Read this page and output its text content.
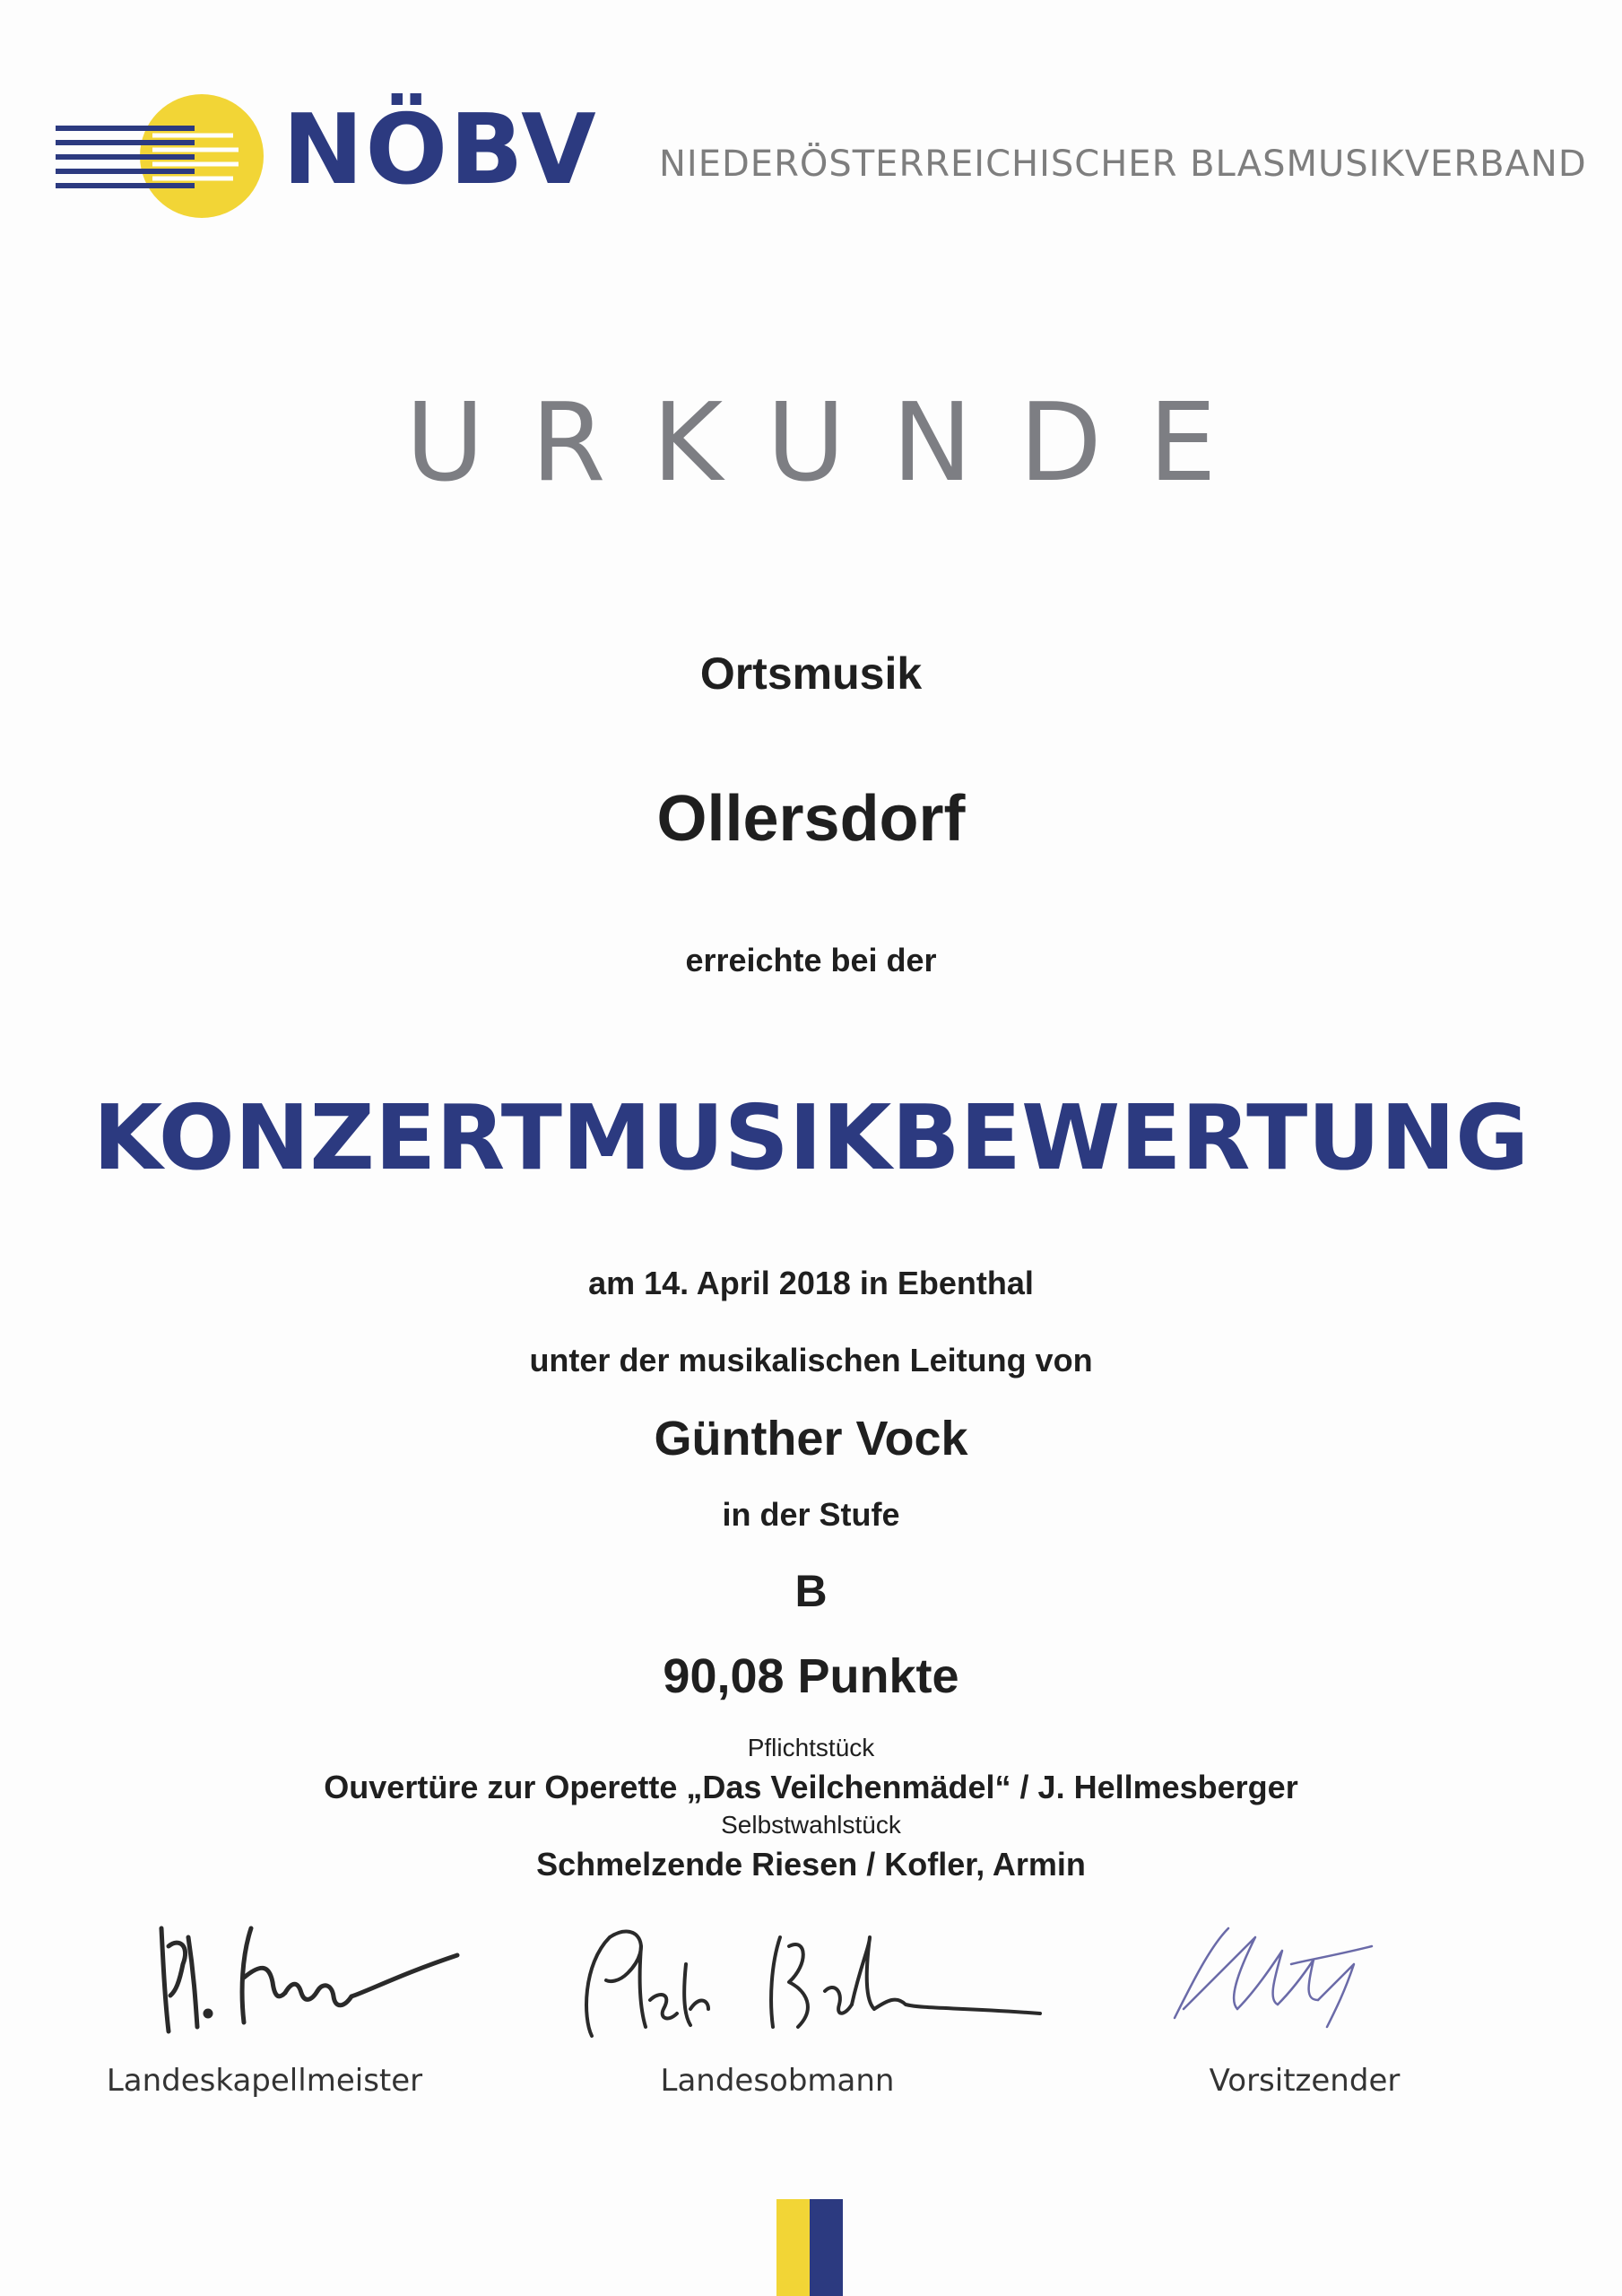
NÖBV NIEDERÖSTERREICHISCHER BLASMUSIKVERBAND
URKUNDE
Ortsmusik
Ollersdorf
erreichte bei der
KONZERTMUSIKBEWERTUNG
am 14. April 2018 in Ebenthal
unter der musikalischen Leitung von
Günther Vock
in der Stufe
B
90,08 Punkte
Pflichtstück
Ouvertüre zur Operette „Das Veilchenmädel“ / J. Hellmesberger
Selbstwahlstück
Schmelzende Riesen / Kofler, Armin
Landeskapellmeister	Landesobmann	Vorsitzender
